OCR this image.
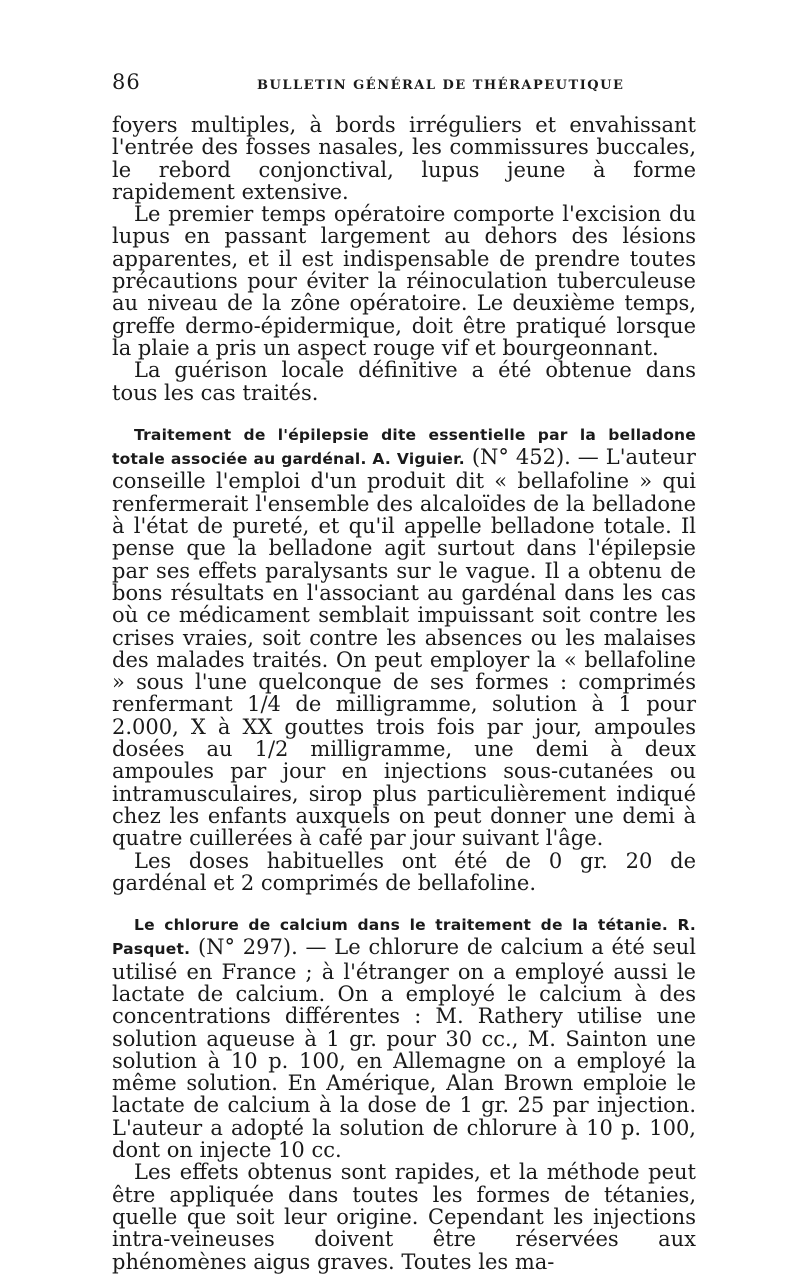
86	BULLETIN GÉNÉRAL DE THÉRAPEUTIQUE

foyers multiples, à bords irréguliers et envahissant l'entrée des fosses nasales, les commissures buccales, le rebord conjonctival, lupus jeune à forme rapidement extensive.

Le premier temps opératoire comporte l'excision du lupus en passant largement au dehors des lésions apparentes, et il est indispensable de prendre toutes précautions pour éviter la réinoculation tuberculeuse au niveau de la zône opératoire. Le deuxième temps, greffe dermo-épidermique, doit être pratiqué lorsque la plaie a pris un aspect rouge vif et bourgeonnant.

La guérison locale définitive a été obtenue dans tous les cas traités.

Traitement de l'épilepsie dite essentielle par la belladone totale associée au gardénal. A. Viguier. (N° 452). — L'auteur conseille l'emploi d'un produit dit « bellafoline » qui renfermerait l'ensemble des alcaloïdes de la belladone à l'état de pureté, et qu'il appelle belladone totale. Il pense que la belladone agit surtout dans l'épilepsie par ses effets paralysants sur le vague. Il a obtenu de bons résultats en l'associant au gardénal dans les cas où ce médicament semblait impuissant soit contre les crises vraies, soit contre les absences ou les malaises des malades traités. On peut employer la « bellafoline » sous l'une quelconque de ses formes : comprimés renfermant 1/4 de milligramme, solution à 1 pour 2.000, X à XX gouttes trois fois par jour, ampoules dosées au 1/2 milligramme, une demi à deux ampoules par jour en injections sous-cutanées ou intramusculaires, sirop plus particulièrement indiqué chez les enfants auxquels on peut donner une demi à quatre cuillerées à café par jour suivant l'âge.

Les doses habituelles ont été de 0 gr. 20 de gardénal et 2 comprimés de bellafoline.

Le chlorure de calcium dans le traitement de la tétanie. R. Pasquet. (N° 297). — Le chlorure de calcium a été seul utilisé en France ; à l'étranger on a employé aussi le lactate de calcium. On a employé le calcium à des concentrations différentes : M. Rathery utilise une solution aqueuse à 1 gr. pour 30 cc., M. Sainton une solution à 10 p. 100, en Allemagne on a employé la même solution. En Amérique, Alan Brown emploie le lactate de calcium à la dose de 1 gr. 25 par injection. L'auteur a adopté la solution de chlorure à 10 p. 100, dont on injecte 10 cc.

Les effets obtenus sont rapides, et la méthode peut être appliquée dans toutes les formes de tétanies, quelle que soit leur origine. Cependant les injections intra-veineuses doivent être réservées aux phénomènes aigus graves. Toutes les ma-
